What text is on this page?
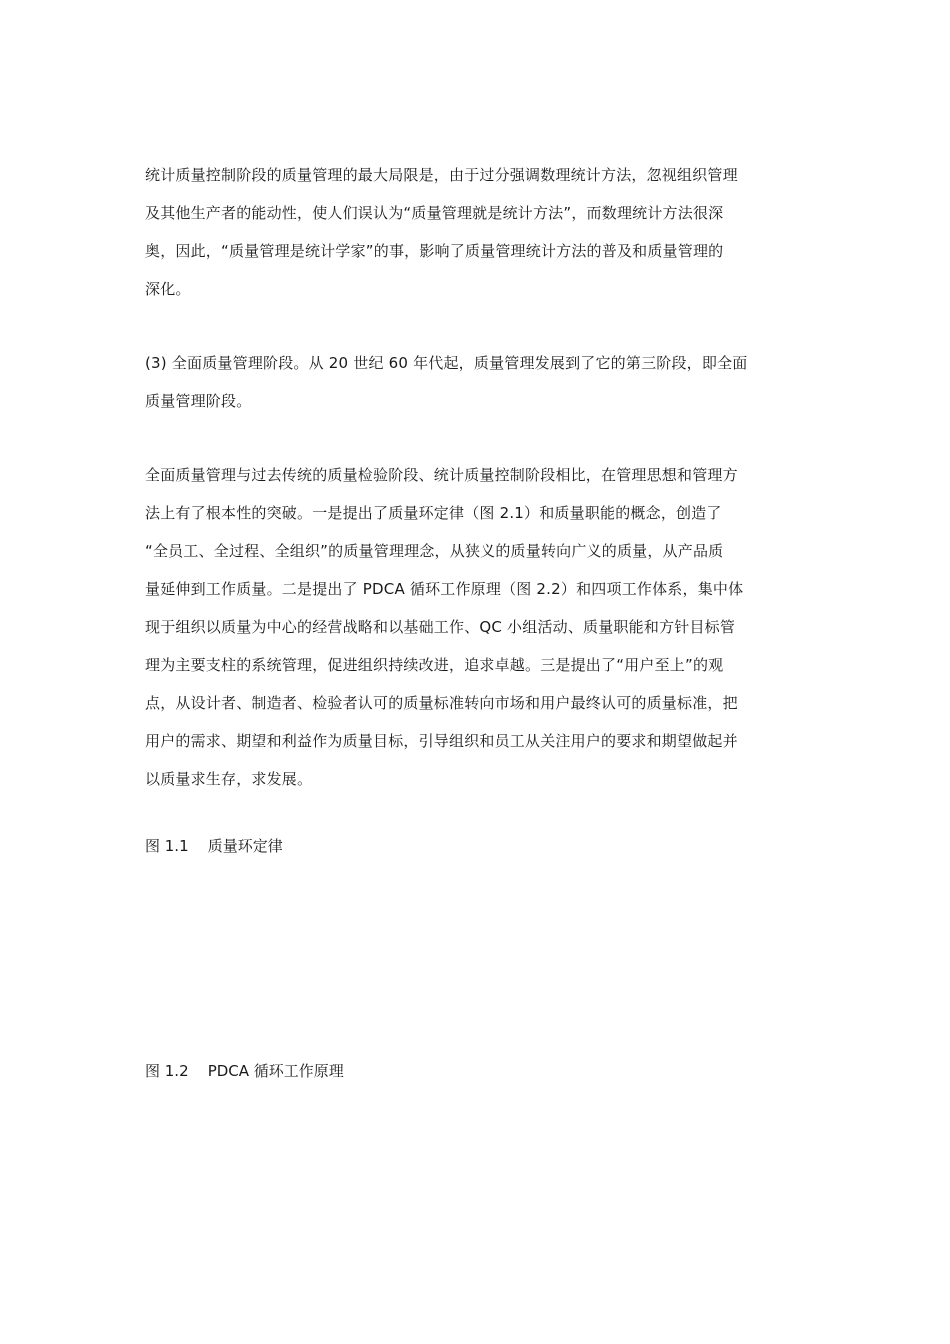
统计质量控制阶段的质量管理的最大局限是，由于过分强调数理统计方法，忽视组织管理
及其他生产者的能动性，使人们误认为“质量管理就是统计方法”，而数理统计方法很深
奥，因此，“质量管理是统计学家”的事，影响了质量管理统计方法的普及和质量管理的
深化。
(3) 全面质量管理阶段。从 20 世纪 60 年代起，质量管理发展到了它的第三阶段，即全面
质量管理阶段。
全面质量管理与过去传统的质量检验阶段、统计质量控制阶段相比，在管理思想和管理方
法上有了根本性的突破。一是提出了质量环定律（图 2.1）和质量职能的概念，创造了
“全员工、全过程、全组织”的质量管理理念，从狭义的质量转向广义的质量，从产品质
量延伸到工作质量。二是提出了 PDCA 循环工作原理（图 2.2）和四项工作体系，集中体
现于组织以质量为中心的经营战略和以基础工作、QC 小组活动、质量职能和方针目标管
理为主要支柱的系统管理，促进组织持续改进，追求卓越。三是提出了“用户至上”的观
点，从设计者、制造者、检验者认可的质量标准转向市场和用户最终认可的质量标准，把
用户的需求、期望和利益作为质量目标，引导组织和员工从关注用户的要求和期望做起并
以质量求生存，求发展。
图 1.1    质量环定律
图 1.2    PDCA 循环工作原理
